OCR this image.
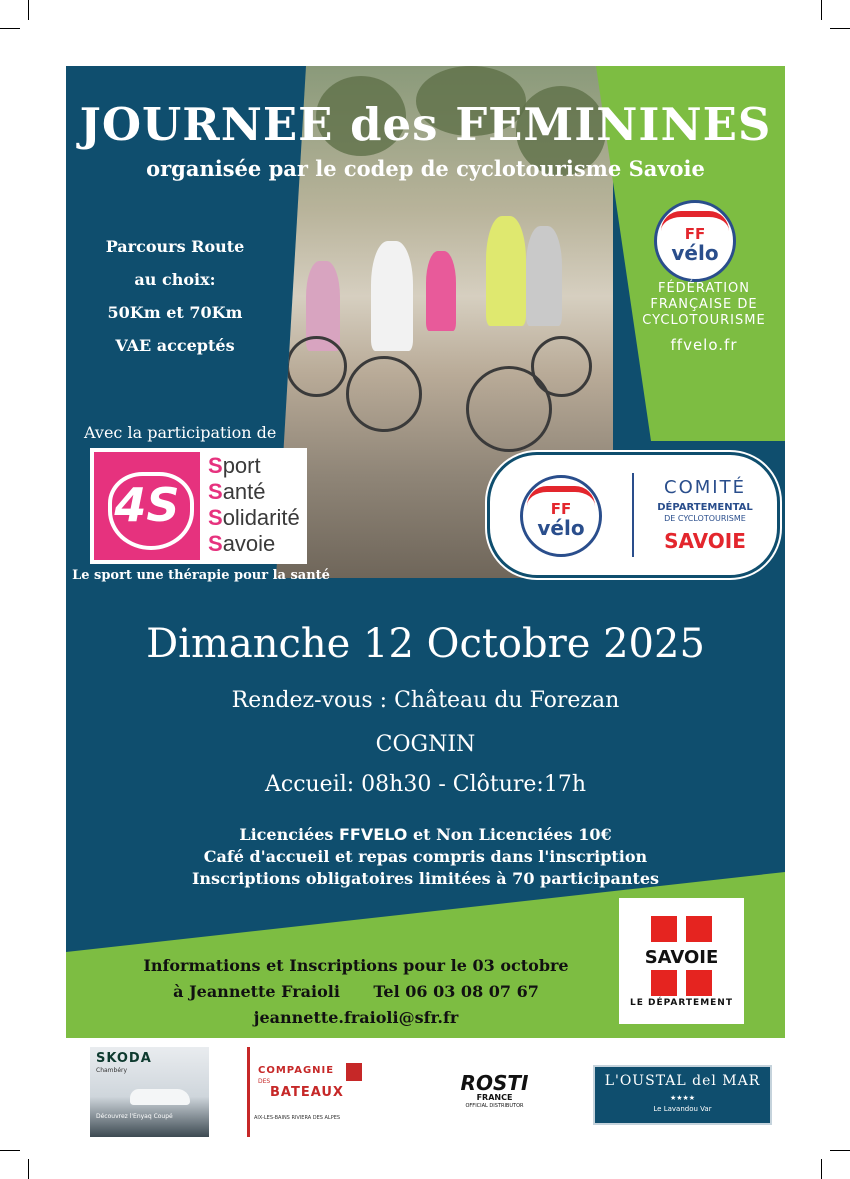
FF
vélo
FÉDÉRATION
FRANÇAISE DE
CYCLOTOURISME
ffvelo.fr
JOURNEE des FEMININES
organisée par le codep de cyclotourisme Savoie
Parcours Route
au choix:
50Km et 70Km
VAE acceptés
Avec la participation de
4S
Sport
Santé
Solidarité
Savoie
Le sport une thérapie pour la santé
FF
vélo
COMITÉ
DÉPARTEMENTAL
DE CYCLOTOURISME
SAVOIE
Dimanche 12 Octobre 2025
Rendez-vous : Château du Forezan
COGNIN
Accueil: 08h30 - Clôture:17h
Licenciées FFVELO et Non Licenciées 10€
Café d'accueil et repas compris dans l'inscription
Inscriptions obligatoires limitées à 70 participantes
Informations et Inscriptions pour le 03 octobre
à Jeannette Fraioli      Tel 06 03 08 07 67
jeannette.fraioli@sfr.fr
SAVOIE
LE DÉPARTEMENT
SKODA
Chambéry
Découvrez l'Enyaq Coupé
COMPAGNIE
DES
BATEAUX
AIX-LES-BAINS RIVIERA DES ALPES
ROSTI
FRANCE
OFFICIAL DISTRIBUTOR
L'OUSTAL del MAR
★★★★
Le Lavandou Var
